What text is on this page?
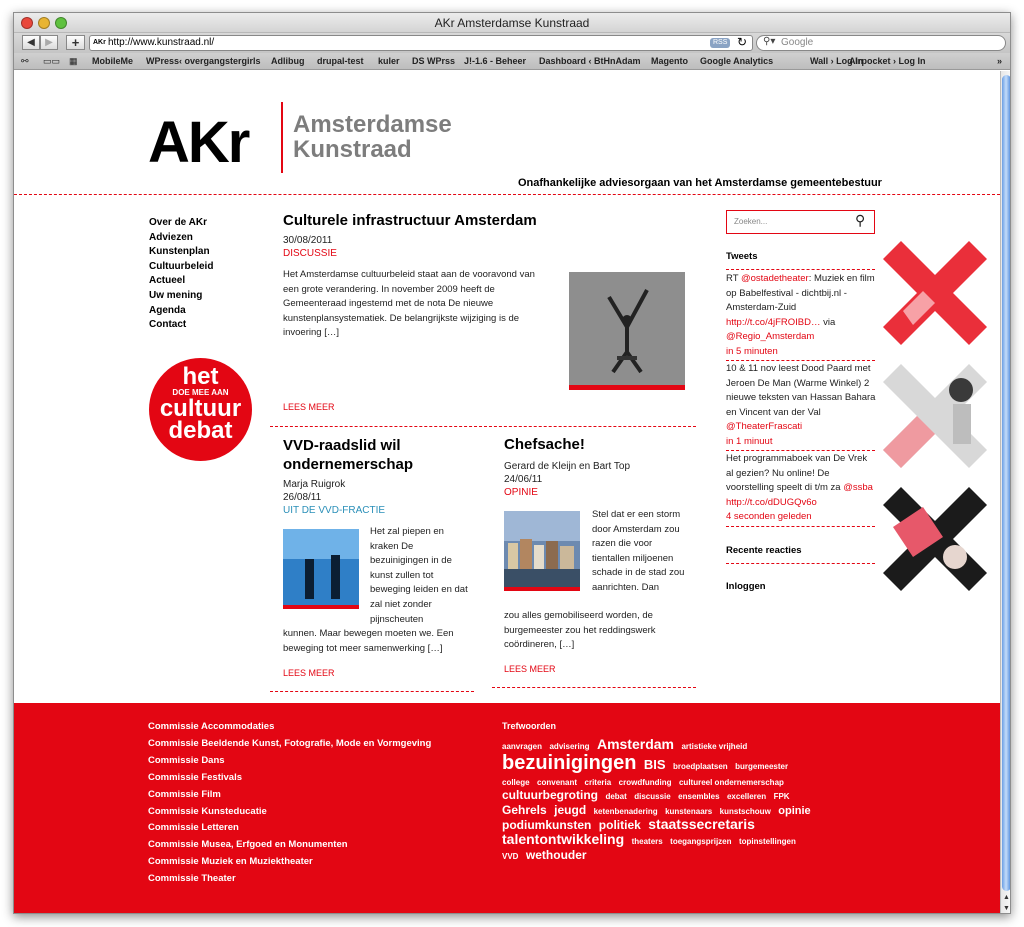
AKr Amsterdamse Kunstraad
◀	▶	+	AKr http://www.kunstraad.nl/	RSS ↻ ⚲▾ Google
⚯ ▭▭ ▦ MobileMe WPress‹ overgangstergirls Adlibug drupal-test kuler DS WPrss J!-1.6 - Beheer Dashboard ‹ BtHnAdam Magento Google Analytics	Wall › Log In
Airpocket › Log In	»
AKr Amsterdamse
Kunstraad
Onafhankelijke adviesorgaan van het Amsterdamse gemeentebestuur
Over de AKr
Adviezen
Kunstenplan
Cultuurbeleid
Actueel
Uw mening
Agenda
Contact
het
DOE MEE AAN
cultuur
debat
Culturele infrastructuur Amsterdam
30/08/2011
DISCUSSIE
Het Amsterdamse cultuurbeleid staat aan de vooravond van een grote verandering. In november 2009 heeft de Gemeenteraad ingestemd met de nota De nieuwe kunstenplansystematiek. De belangrijkste wijziging is de invoering […]
LEES MEER
VVD-raadslid wil ondernemerschap
Marja Ruigrok
26/08/11
UIT DE VVD-FRACTIE
Het zal piepen en kraken De bezuinigingen in de kunst zullen tot beweging leiden en dat zal niet zonder pijnscheuten
kunnen. Maar bewegen moeten we. Een beweging tot meer samenwerking […]
LEES MEER
Chefsache!
Gerard de Kleijn en Bart Top
24/06/11
OPINIE
Stel dat er een storm door Amsterdam zou razen die voor tientallen miljoenen schade in de stad zou aanrichten. Dan
zou alles gemobiliseerd worden, de burgemeester zou het reddingswerk coördineren, […]
LEES MEER
Zoeken...	⚲
Tweets
RT @ostadetheater: Muziek en film op Babelfestival - dichtbij.nl - Amsterdam-Zuid http://t.co/4jFROIBD… via @Regio_Amsterdam
in 5 minuten
10 & 11 nov leest Dood Paard met Jeroen De Man (Warme Winkel) 2 nieuwe teksten van Hassan Bahara en Vincent van der Val @TheaterFrascati
in 1 minuut
Het programmaboek van De Vrek al gezien? Nu online! De voorstelling speelt di t/m za @ssba http://t.co/dDUGQv6o
4 seconden geleden
Recente reacties
Inloggen
Commissie Accommodaties
Commissie Beeldende Kunst, Fotografie, Mode en Vormgeving
Commissie Dans
Commissie Festivals
Commissie Film
Commissie Kunsteducatie
Commissie Letteren
Commissie Musea, Erfgoed en Monumenten
Commissie Muziek en Muziektheater
Commissie Theater
Trefwoorden
aanvragen advisering Amsterdam artistieke vrijheid bezuinigingen BIS broedplaatsen burgemeester college convenant criteria crowdfunding cultureel ondernemerschap cultuurbegroting debat discussie ensembles excelleren FPK Gehrels jeugd ketenbenadering kunstenaars kunstschouw opinie podiumkunsten politiek staatssecretaris talentontwikkeling theaters toegangsprijzen topinstellingen VVD wethouder
▲
▼
